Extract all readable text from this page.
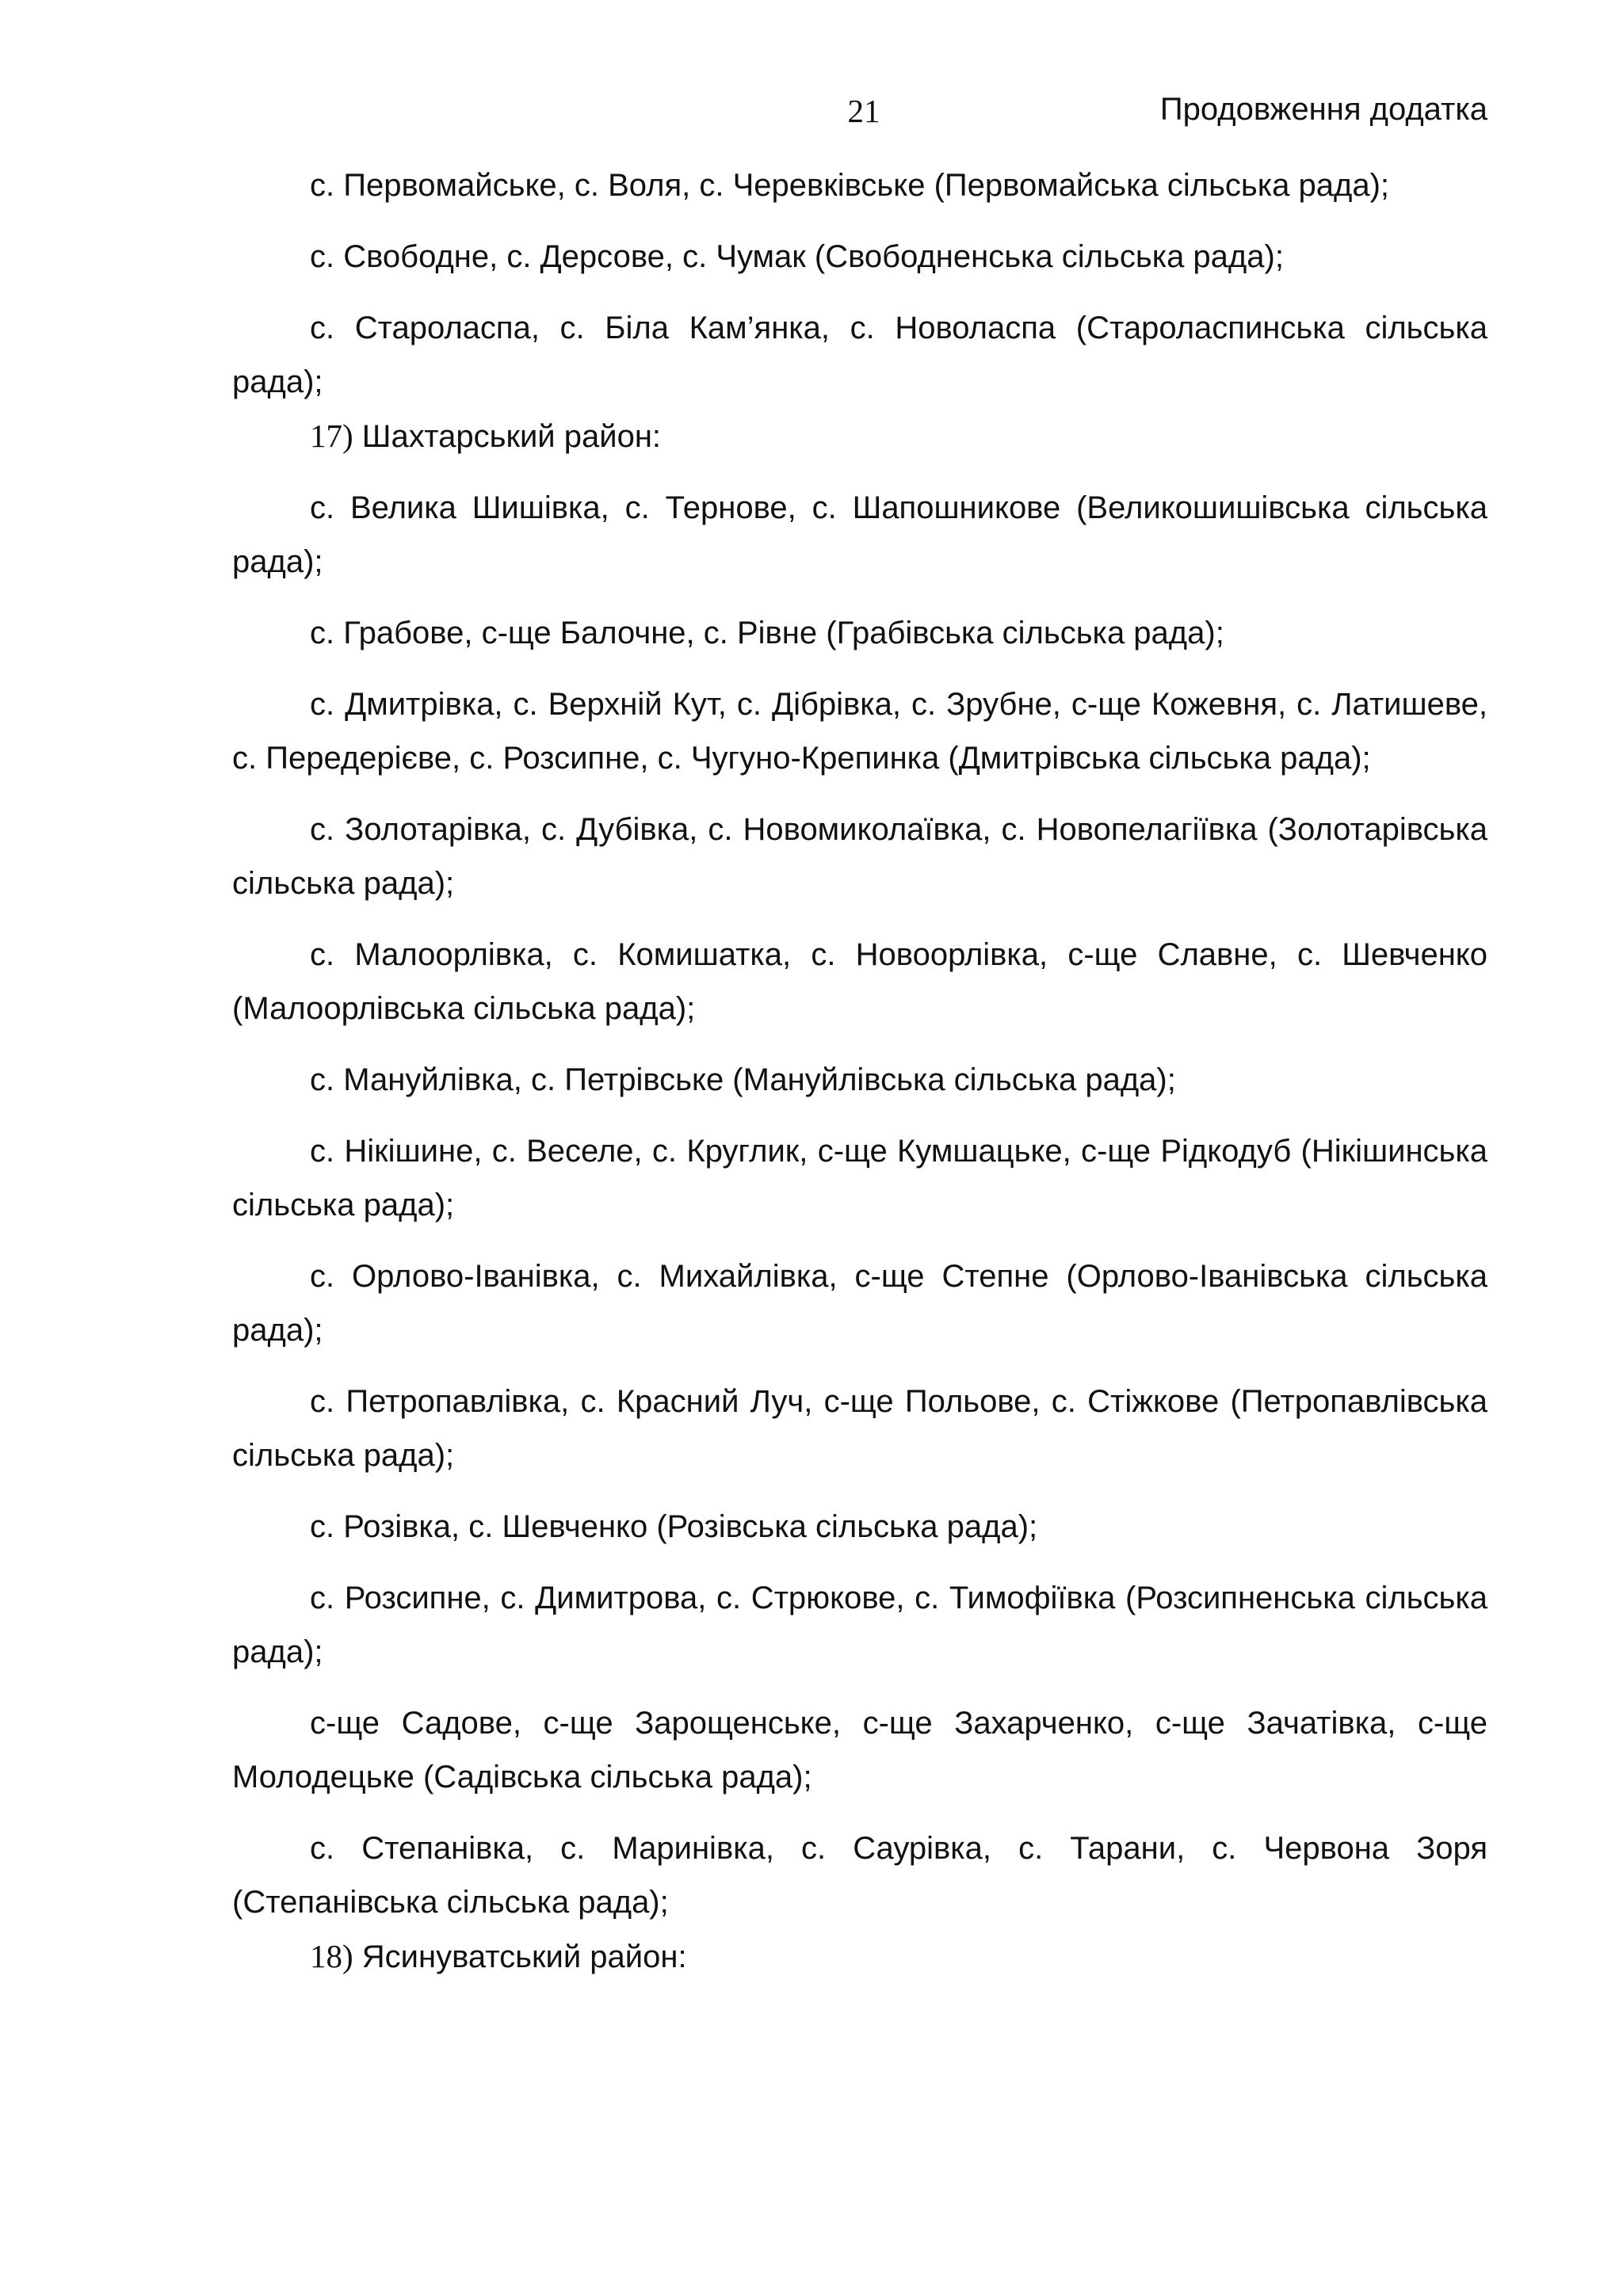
21	Продовження додатка

с. Первомайське, с. Воля, с. Черевківське (Первомайська сільська рада);

с. Свободне, с. Дерсове, с. Чумак (Свободненська сільська рада);

с. Староласпа, с. Біла Кам’янка, с. Новоласпа (Староласпинська сільська рада);

17) Шахтарський район:

с. Велика Шишівка, с. Тернове, с. Шапошникове (Великошишівська сільська рада);

с. Грабове, с-ще Балочне, с. Рівне (Грабівська сільська рада);

с. Дмитрівка, с. Верхній Кут, с. Дібрівка, с. Зрубне, с-ще Кожевня, с. Латишеве, с. Передерієве, с. Розсипне, с. Чугуно-Крепинка (Дмитрівська сільська рада);

с. Золотарівка, с. Дубівка, с. Новомиколаївка, с. Новопелагіївка (Золотарівська сільська рада);

с. Малоорлівка, с. Комишатка, с. Новоорлівка, с-ще Славне, с. Шевченко (Малоорлівська сільська рада);

с. Мануйлівка, с. Петрівське (Мануйлівська сільська рада);

с. Нікішине, с. Веселе, с. Круглик, с-ще Кумшацьке, с-ще Рідкодуб (Нікішинська сільська рада);

с. Орлово-Іванівка, с. Михайлівка, с-ще Степне (Орлово-Іванівська сільська рада);

с. Петропавлівка, с. Красний Луч, с-ще Польове, с. Стіжкове (Петропавлівська сільська рада);

с. Розівка, с. Шевченко (Розівська сільська рада);

с. Розсипне, с. Димитрова, с. Стрюкове, с. Тимофіївка (Розсипненська сільська рада);

с-ще Садове, с-ще Зарощенське, с-ще Захарченко, с-ще Зачатівка, с-ще Молодецьке (Садівська сільська рада);

с. Степанівка, с. Маринівка, с. Саурівка, с. Тарани, с. Червона Зоря (Степанівська сільська рада);

18) Ясинуватський район:
